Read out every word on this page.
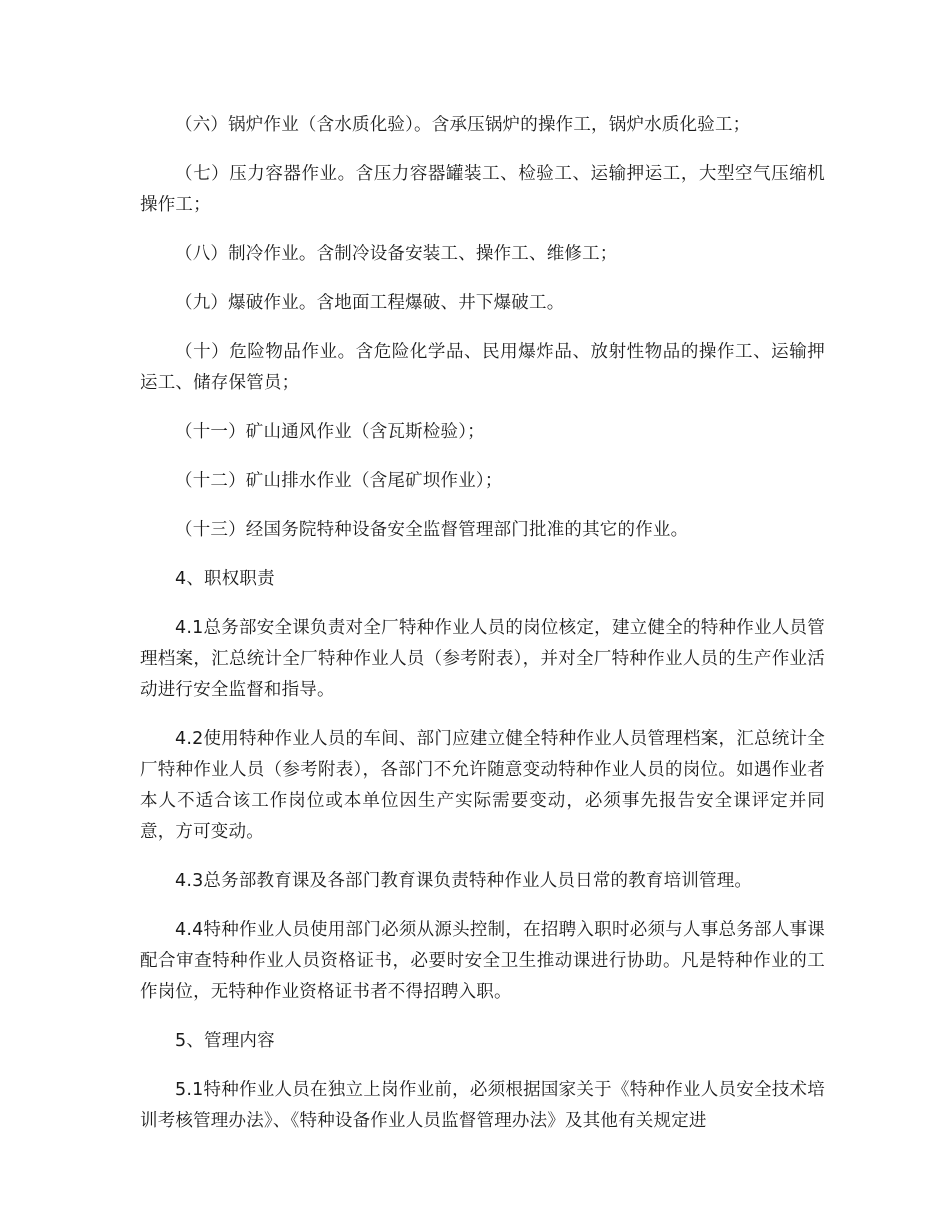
（六）锅炉作业（含水质化验）。含承压锅炉的操作工，锅炉水质化验工；

（七）压力容器作业。含压力容器罐装工、检验工、运输押运工，大型空气压缩机操作工；

（八）制冷作业。含制冷设备安装工、操作工、维修工；

（九）爆破作业。含地面工程爆破、井下爆破工。

（十）危险物品作业。含危险化学品、民用爆炸品、放射性物品的操作工、运输押运工、储存保管员；

（十一）矿山通风作业（含瓦斯检验）；

（十二）矿山排水作业（含尾矿坝作业）；

（十三）经国务院特种设备安全监督管理部门批准的其它的作业。

4、职权职责

4.1总务部安全课负责对全厂特种作业人员的岗位核定，建立健全的特种作业人员管理档案，汇总统计全厂特种作业人员（参考附表），并对全厂特种作业人员的生产作业活动进行安全监督和指导。

4.2使用特种作业人员的车间、部门应建立健全特种作业人员管理档案，汇总统计全厂特种作业人员（参考附表），各部门不允许随意变动特种作业人员的岗位。如遇作业者本人不适合该工作岗位或本单位因生产实际需要变动，必须事先报告安全课评定并同意，方可变动。

4.3总务部教育课及各部门教育课负责特种作业人员日常的教育培训管理。

4.4特种作业人员使用部门必须从源头控制，在招聘入职时必须与人事总务部人事课配合审查特种作业人员资格证书，必要时安全卫生推动课进行协助。凡是特种作业的工作岗位，无特种作业资格证书者不得招聘入职。

5、管理内容

5.1特种作业人员在独立上岗作业前，必须根据国家关于《特种作业人员安全技术培训考核管理办法》、《特种设备作业人员监督管理办法》及其他有关规定进
